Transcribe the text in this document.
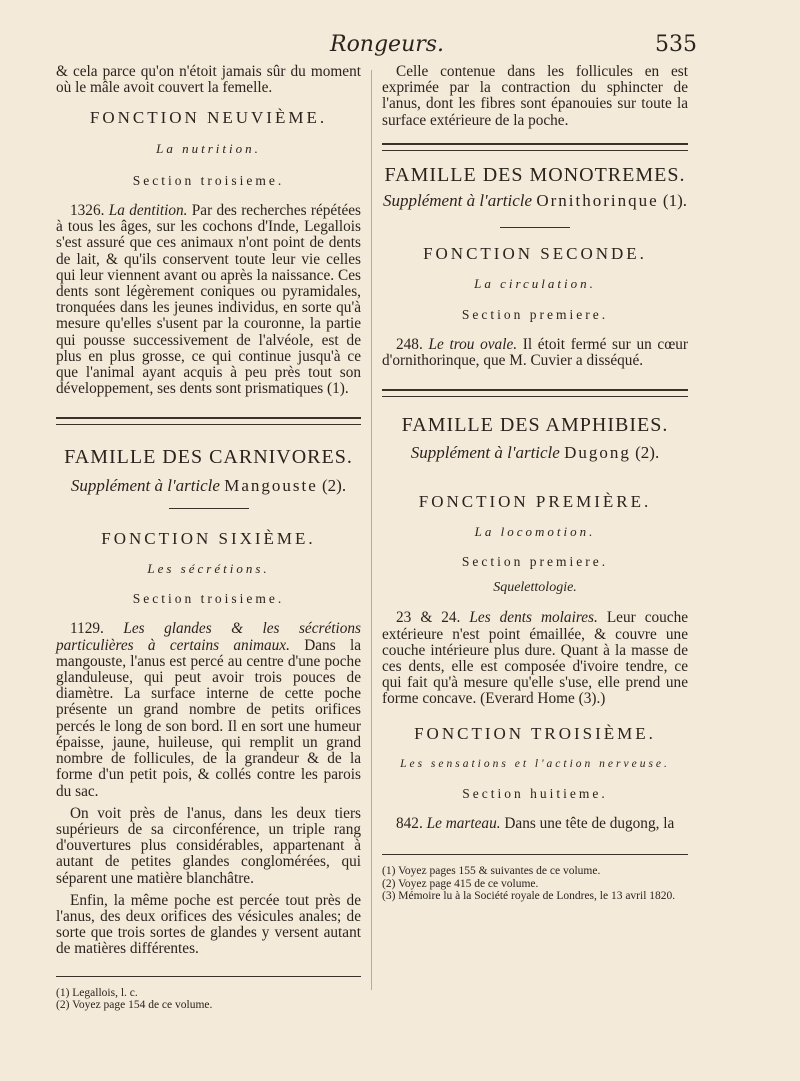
Rongeurs.	535

& cela parce qu'on n'étoit jamais sûr du moment où le mâle avoit couvert la femelle.

FONCTION NEUVIÈME.

La nutrition.

Section troisieme.

1326. La dentition. Par des recherches répétées à tous les âges, sur les cochons d'Inde, Legallois s'est assuré que ces animaux n'ont point de dents de lait, & qu'ils conservent toute leur vie celles qui leur viennent avant ou après la naissance. Ces dents sont légèrement coniques ou pyramidales, tronquées dans les jeunes individus, en sorte qu'à mesure qu'elles s'usent par la couronne, la partie qui pousse successivement de l'alvéole, est de plus en plus grosse, ce qui continue jusqu'à ce que l'animal ayant acquis à peu près tout son développement, ses dents sont prismatiques (1).

FAMILLE DES CARNIVORES.

Supplément à l'article Mangouste (2).

FONCTION SIXIÈME.

Les sécrétions.

Section troisieme.

1129. Les glandes & les sécrétions particulières à certains animaux. Dans la mangouste, l'anus est percé au centre d'une poche glanduleuse, qui peut avoir trois pouces de diamètre. La surface interne de cette poche présente un grand nombre de petits orifices percés le long de son bord. Il en sort une humeur épaisse, jaune, huileuse, qui remplit un grand nombre de follicules, de la grandeur & de la forme d'un petit pois, & collés contre les parois du sac.

On voit près de l'anus, dans les deux tiers supérieurs de sa circonférence, un triple rang d'ouvertures plus considérables, appartenant à autant de petites glandes conglomérées, qui séparent une matière blanchâtre.

Enfin, la même poche est percée tout près de l'anus, des deux orifices des vésicules anales; de sorte que trois sortes de glandes y versent autant de matières différentes.

(1) Legallois, l. c.

(2) Voyez page 154 de ce volume.

Celle contenue dans les follicules en est exprimée par la contraction du sphincter de l'anus, dont les fibres sont épanouies sur toute la surface extérieure de la poche.

FAMILLE DES MONOTREMES.

Supplément à l'article Ornithorinque (1).

FONCTION SECONDE.

La circulation.

Section premiere.

248. Le trou ovale. Il étoit fermé sur un cœur d'ornithorinque, que M. Cuvier a disséqué.

FAMILLE DES AMPHIBIES.

Supplément à l'article Dugong (2).

FONCTION PREMIÈRE.

La locomotion.

Section premiere.

Squelettologie.

23 & 24. Les dents molaires. Leur couche extérieure n'est point émaillée, & couvre une couche intérieure plus dure. Quant à la masse de ces dents, elle est composée d'ivoire tendre, ce qui fait qu'à mesure qu'elle s'use, elle prend une forme concave. (Everard Home (3).)

FONCTION TROISIÈME.

Les sensations et l'action nerveuse.

Section huitieme.

842. Le marteau. Dans une tête de dugong, la

(1) Voyez pages 155 & suivantes de ce volume.

(2) Voyez page 415 de ce volume.

(3) Mémoire lu à la Société royale de Londres, le 13 avril 1820.
